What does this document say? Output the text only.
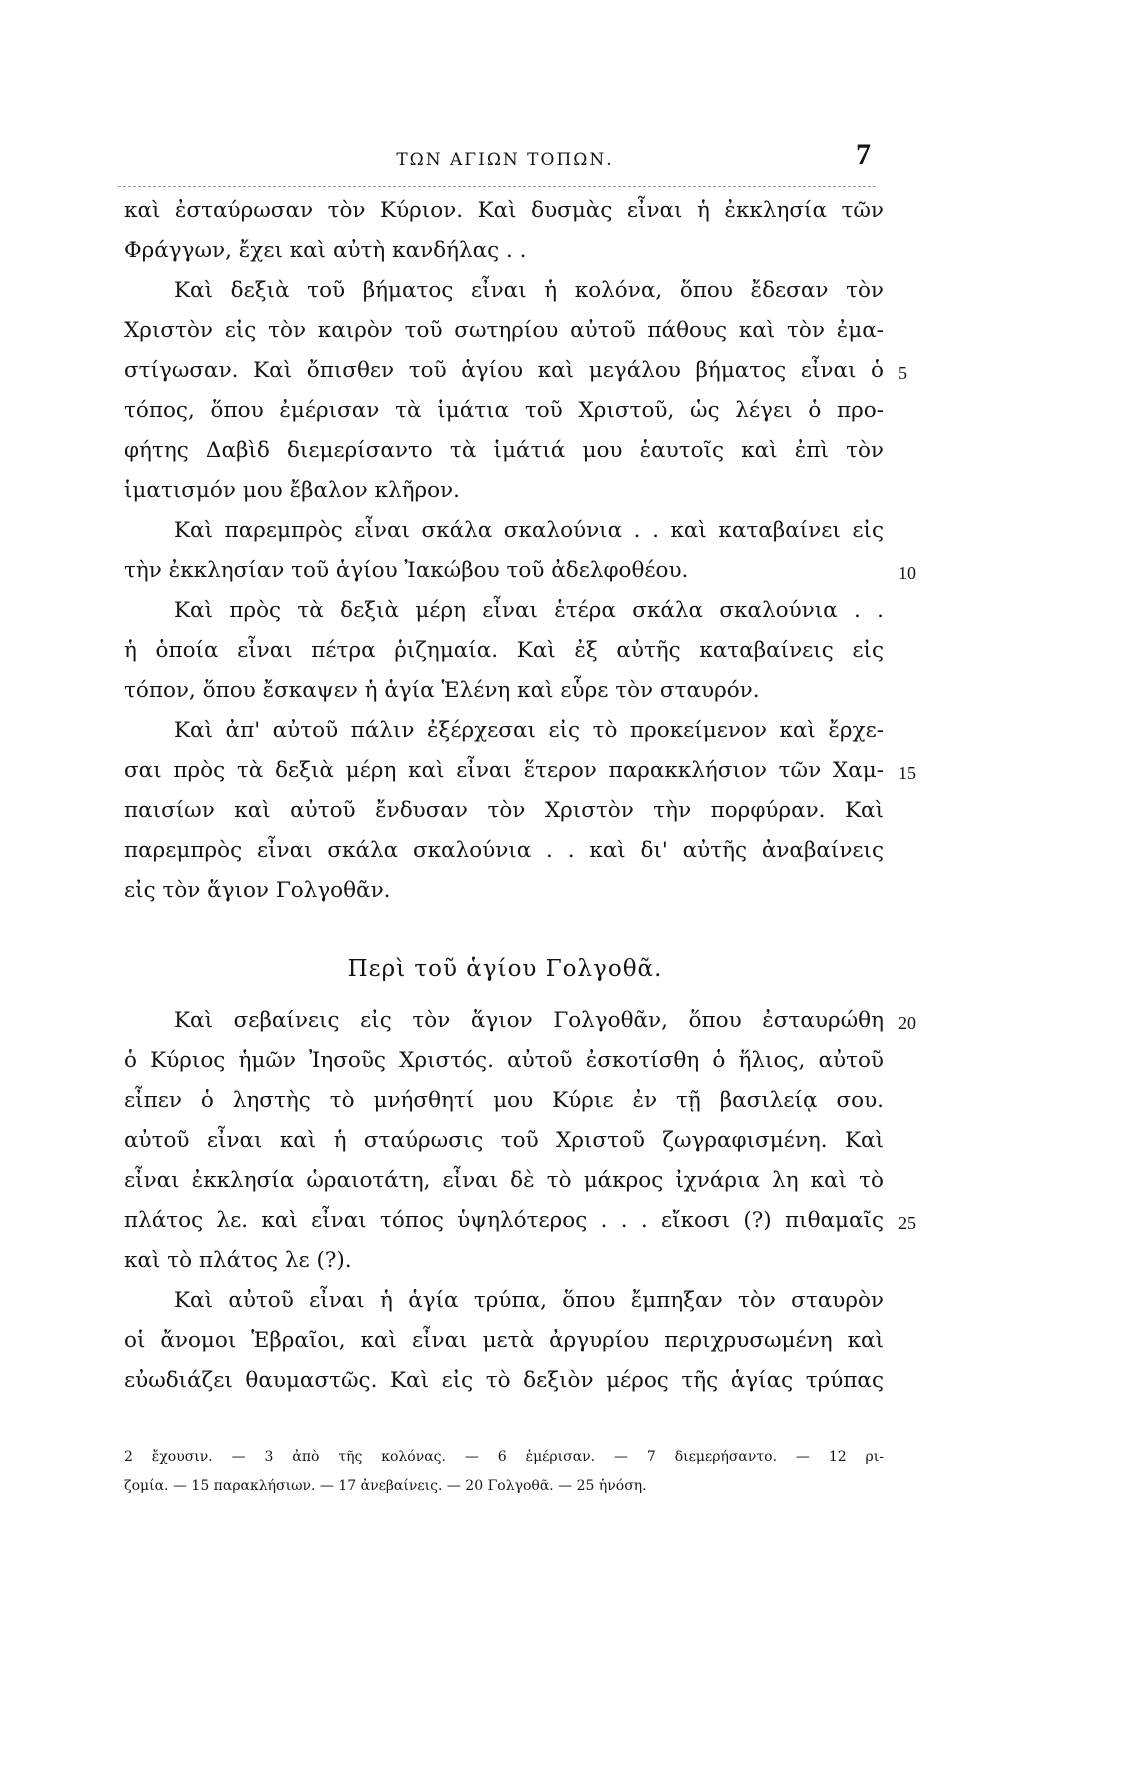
ΤΩΝ ΑΓΙΩΝ ΤΟΠΩΝ.	7
καὶ ἐσταύρωσαν τὸν Κύριον. Καὶ δυσμὰς εἶναι ἡ ἐκκλησία τῶν
Φράγγων, ἔχει καὶ αὐτὴ κανδήλας . .
Καὶ δεξιὰ τοῦ βήματος εἶναι ἡ κολόνα, ὅπου ἔδεσαν τὸν
Χριστὸν εἰς τὸν καιρὸν τοῦ σωτηρίου αὐτοῦ πάθους καὶ τὸν ἐμα-
στίγωσαν. Καὶ ὄπισθεν τοῦ ἁγίου καὶ μεγάλου βήματος εἶναι ὁ 5
τόπος, ὅπου ἐμέρισαν τὰ ἱμάτια τοῦ Χριστοῦ, ὡς λέγει ὁ προ-
φήτης Δαβὶδ διεμερίσαντο τὰ ἱμάτιά μου ἑαυτοῖς καὶ ἐπὶ τὸν
ἱματισμόν μου ἔβαλον κλῆρον.
Καὶ παρεμπρὸς εἶναι σκάλα σκαλούνια . . καὶ καταβαίνει εἰς
τὴν ἐκκλησίαν τοῦ ἁγίου Ἰακώβου τοῦ ἀδελφοθέου.	10
Καὶ πρὸς τὰ δεξιὰ μέρη εἶναι ἑτέρα σκάλα σκαλούνια . .
ἡ ὁποία εἶναι πέτρα ῥιζημαία. Καὶ ἐξ αὐτῆς καταβαίνεις εἰς
τόπον, ὅπου ἔσκαψεν ἡ ἁγία Ἑλένη καὶ εὗρε τὸν σταυρόν.
Καὶ ἀπ' αὐτοῦ πάλιν ἐξέρχεσαι εἰς τὸ προκείμενον καὶ ἔρχε-
σαι πρὸς τὰ δεξιὰ μέρη καὶ εἶναι ἕτερον παρακκλήσιον τῶν Χαμ- 15
παισίων καὶ αὐτοῦ ἔνδυσαν τὸν Χριστὸν τὴν πορφύραν. Καὶ
παρεμπρὸς εἶναι σκάλα σκαλούνια . . καὶ δι' αὐτῆς ἀναβαίνεις
εἰς τὸν ἅγιον Γολγοθᾶν.
Περὶ τοῦ ἁγίου Γολγοθᾶ.
Καὶ σεβαίνεις εἰς τὸν ἅγιον Γολγοθᾶν, ὅπου ἐσταυρώθη 20
ὁ Κύριος ἡμῶν Ἰησοῦς Χριστός. αὐτοῦ ἐσκοτίσθη ὁ ἥλιος, αὐτοῦ
εἶπεν ὁ ληστὴς τὸ μνήσθητί μου Κύριε ἐν τῇ βασιλείᾳ σου.
αὐτοῦ εἶναι καὶ ἡ σταύρωσις τοῦ Χριστοῦ ζωγραφισμένη. Καὶ
εἶναι ἐκκλησία ὡραιοτάτη, εἶναι δὲ τὸ μάκρος ἰχνάρια λη καὶ τὸ
πλάτος λε. καὶ εἶναι τόπος ὑψηλότερος . . . εἴκοσι (?) πιθαμαῖς 25
καὶ τὸ πλάτος λε (?).
Καὶ αὐτοῦ εἶναι ἡ ἁγία τρύπα, ὅπου ἔμπηξαν τὸν σταυρὸν
οἱ ἄνομοι Ἑβραῖοι, καὶ εἶναι μετὰ ἀργυρίου περιχρυσωμένη καὶ
εὐωδιάζει θαυμαστῶς. Καὶ εἰς τὸ δεξιὸν μέρος τῆς ἁγίας τρύπας
2 ἔχουσιν. — 3 ἀπὸ τῆς κολόνας. — 6 ἐμέρισαν. — 7 διεμερήσαντο. — 12 ρι-
ζομία. — 15 παρακλήσιων. — 17 ἀνεβαίνεις. — 20 Γολγοθᾶ. — 25 ἡνόση.
